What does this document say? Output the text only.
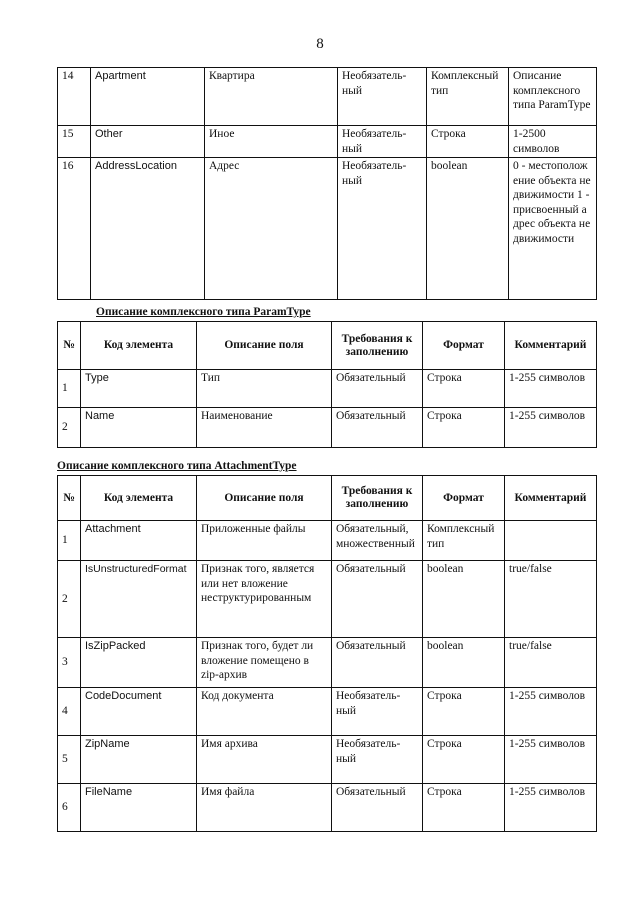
8
14	Apartment	Квартира	Необязатель-ный	Комплексный тип	Описание комплексного типа ParamType
15	Other	Иное	Необязатель-ный	Строка	1-2500 символов
16	AddressLocation	Адрес	Необязатель-ный	boolean	0 - местоположение объекта недвижимости 1 - присвоенный адрес объекта недвижимости
Описание комплексного типа ParamType
№	Код элемента	Описание поля	Требования к заполнению	Формат	Комментарий
1	Type	Тип	Обязательный	Строка	1-255 символов
2	Name	Наименование	Обязательный	Строка	1-255 символов
Описание комплексного типа AttachmentType
№	Код элемента	Описание поля	Требования к заполнению	Формат	Комментарий
1	Attachment	Приложенные файлы	Обязательный, множественный	Комплексный тип	
2	IsUnstructuredFormat	Признак того, является или нет вложение неструктурированным	Обязательный	boolean	true/false
3	IsZipPacked	Признак того, будет ли вложение помещено в zip-архив	Обязательный	boolean	true/false
4	CodeDocument	Код документа	Необязатель-ный	Строка	1-255 символов
5	ZipName	Имя архива	Необязатель-ный	Строка	1-255 символов
6	FileName	Имя файла	Обязательный	Строка	1-255 символов
